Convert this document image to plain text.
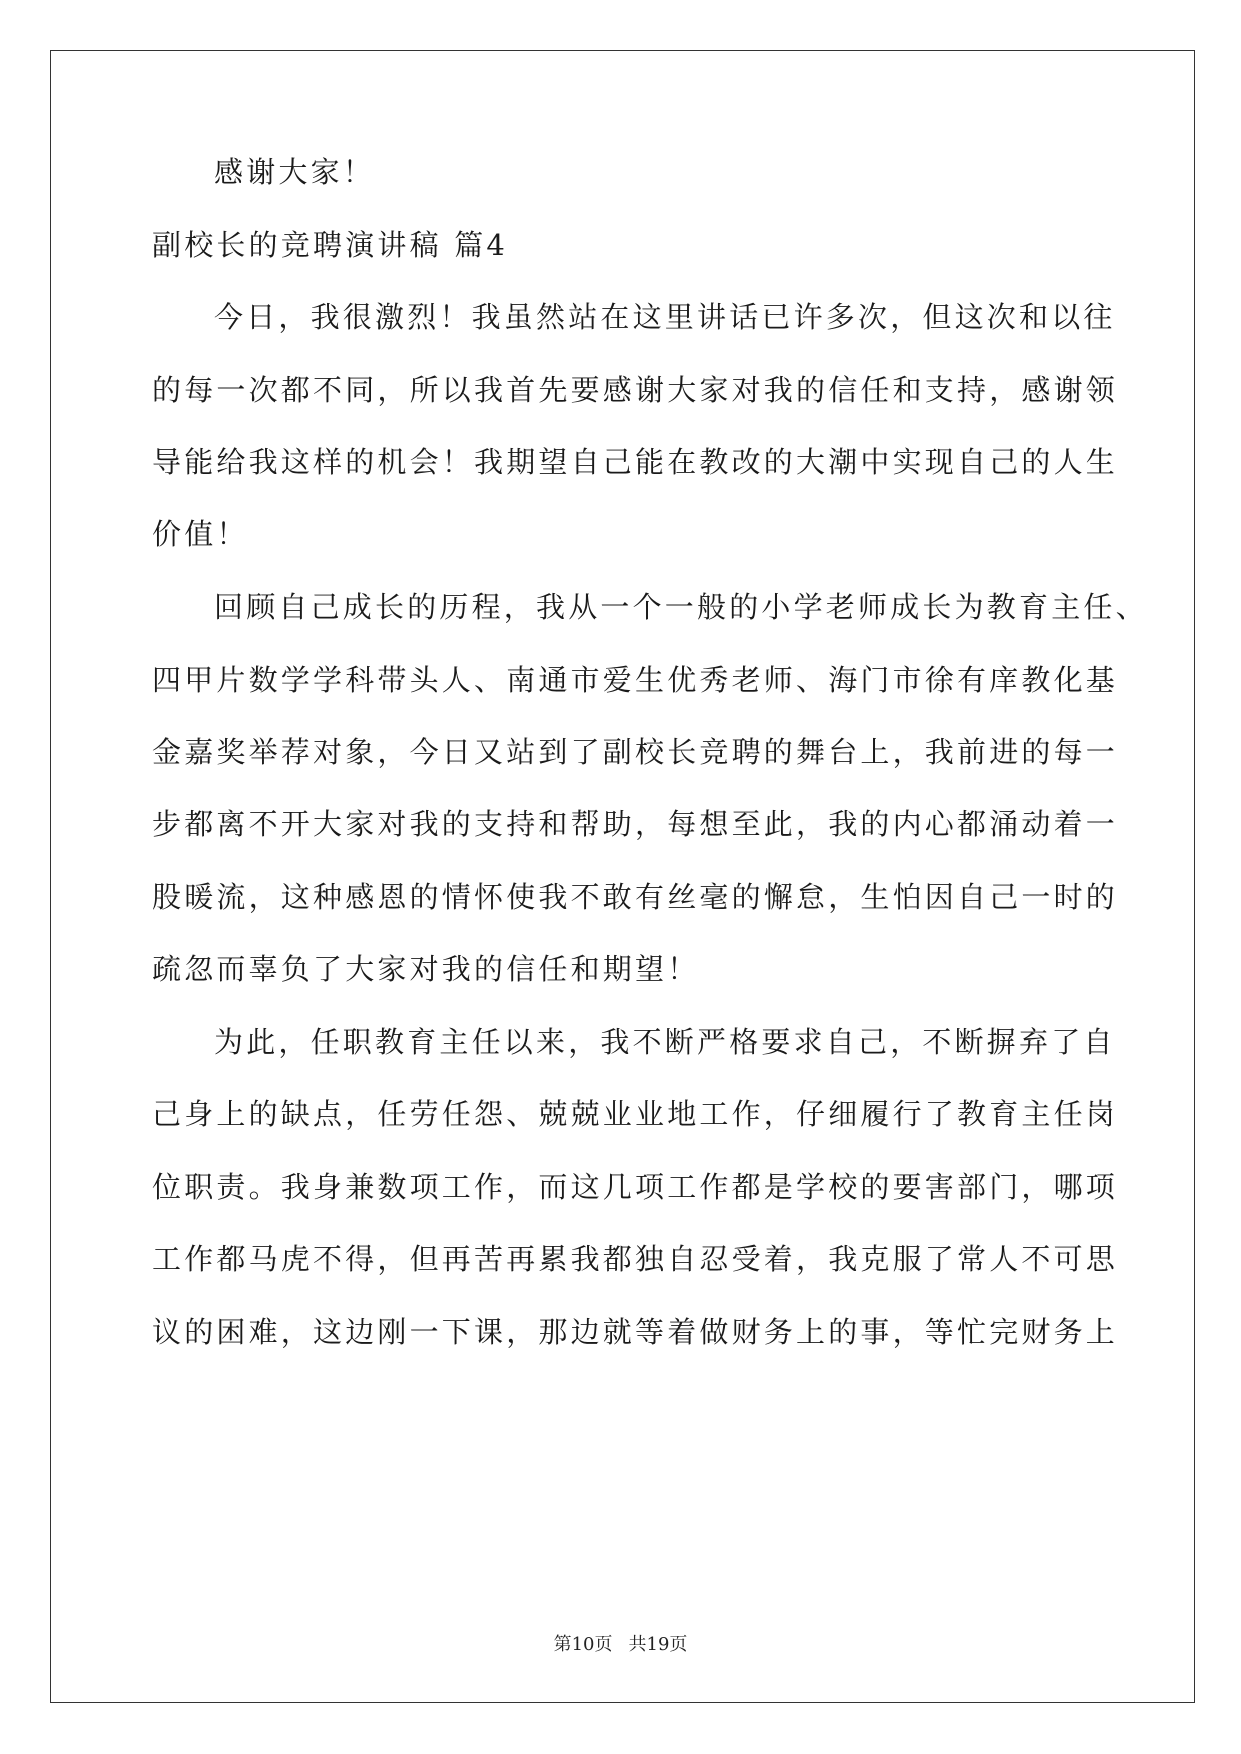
感谢大家！
副校长的竞聘演讲稿 篇4
今日，我很激烈！我虽然站在这里讲话已许多次，但这次和以往
的每一次都不同，所以我首先要感谢大家对我的信任和支持，感谢领
导能给我这样的机会！我期望自己能在教改的大潮中实现自己的人生
价值！
回顾自己成长的历程，我从一个一般的小学老师成长为教育主任、
四甲片数学学科带头人、南通市爱生优秀老师、海门市徐有庠教化基
金嘉奖举荐对象，今日又站到了副校长竞聘的舞台上，我前进的每一
步都离不开大家对我的支持和帮助，每想至此，我的内心都涌动着一
股暖流，这种感恩的情怀使我不敢有丝毫的懈怠，生怕因自己一时的
疏忽而辜负了大家对我的信任和期望！
为此，任职教育主任以来，我不断严格要求自己，不断摒弃了自
己身上的缺点，任劳任怨、兢兢业业地工作，仔细履行了教育主任岗
位职责。我身兼数项工作，而这几项工作都是学校的要害部门，哪项
工作都马虎不得，但再苦再累我都独自忍受着，我克服了常人不可思
议的困难，这边刚一下课，那边就等着做财务上的事，等忙完财务上
第10页 共19页
